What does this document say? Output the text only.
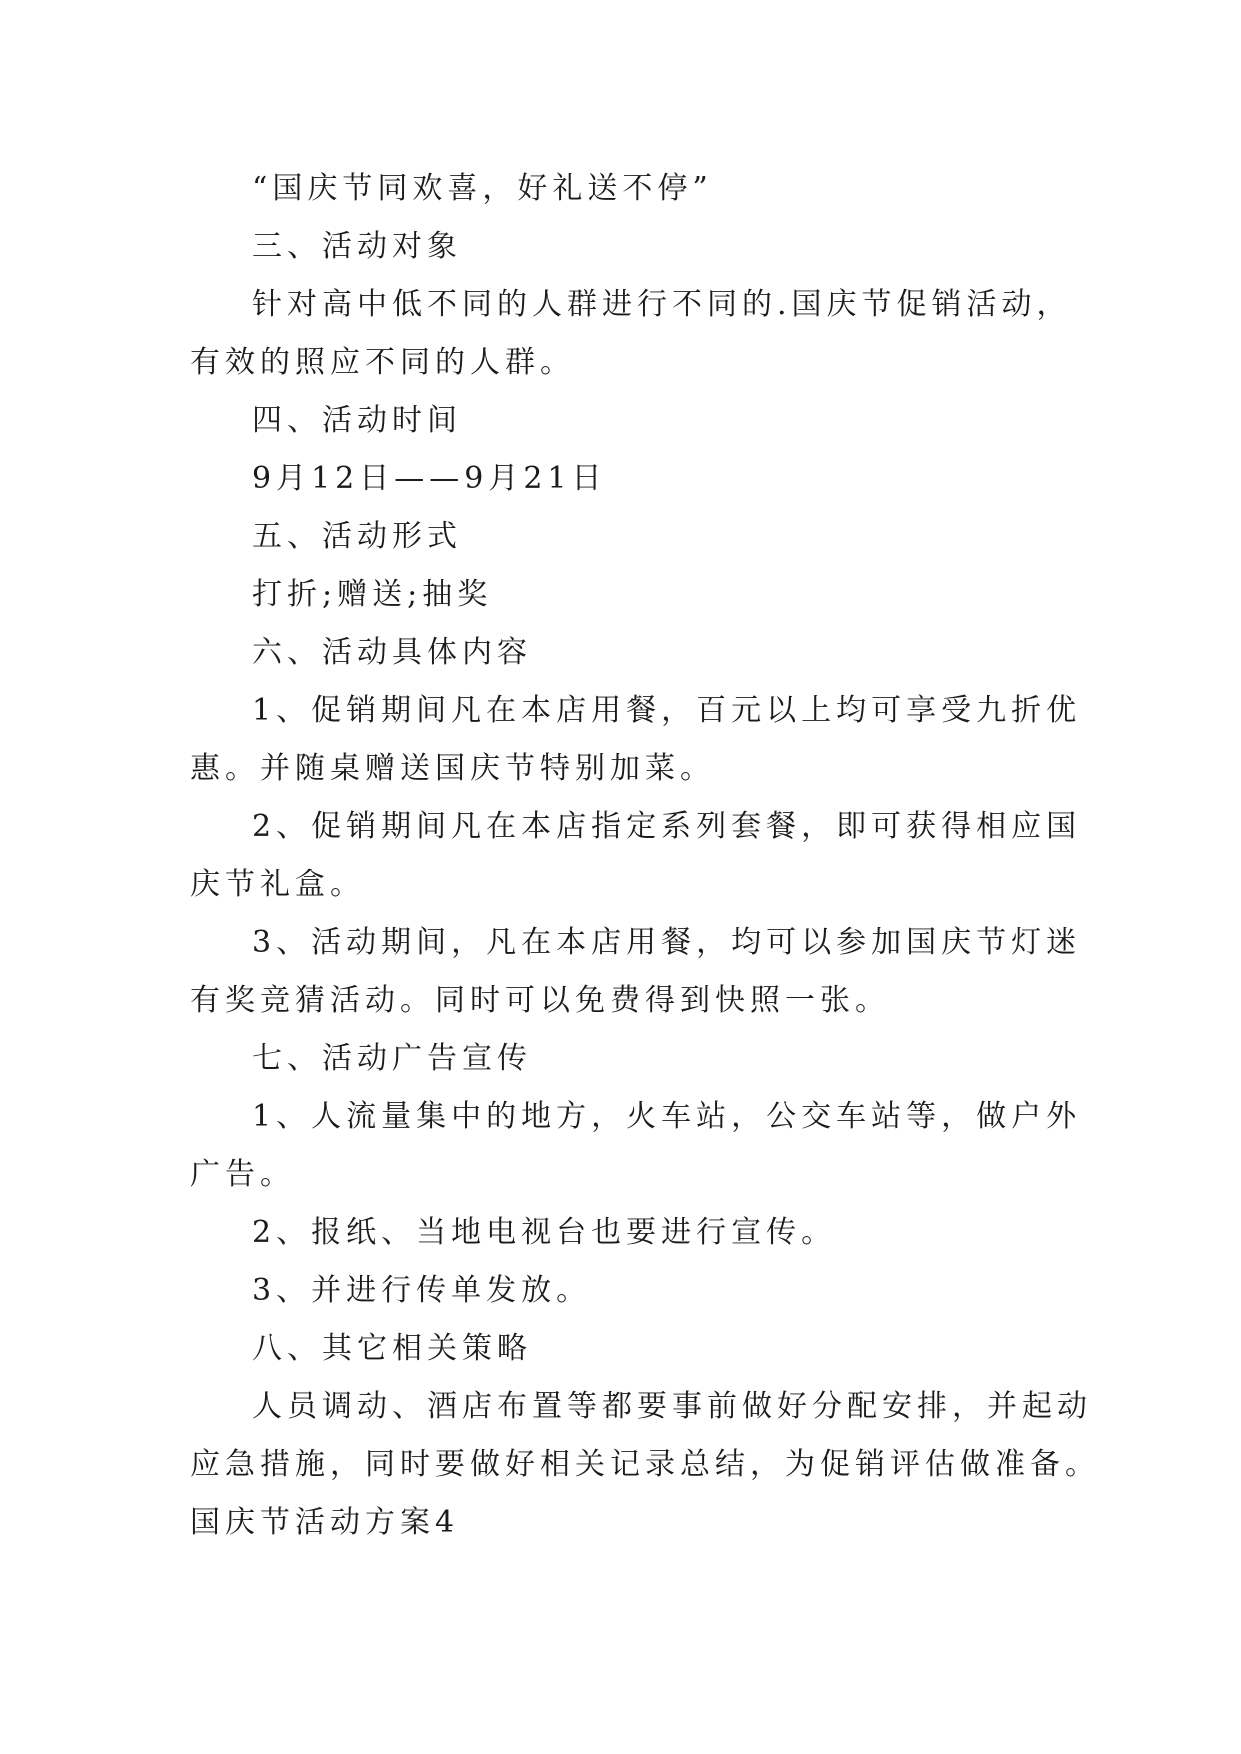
“国庆节同欢喜，好礼送不停”
三、活动对象
针对高中低不同的人群进行不同的.国庆节促销活动，
有效的照应不同的人群。
四、活动时间
9月12日——9月21日
五、活动形式
打折;赠送;抽奖
六、活动具体内容
1、促销期间凡在本店用餐，百元以上均可享受九折优
惠。并随桌赠送国庆节特别加菜。
2、促销期间凡在本店指定系列套餐，即可获得相应国
庆节礼盒。
3、活动期间，凡在本店用餐，均可以参加国庆节灯迷
有奖竞猜活动。同时可以免费得到快照一张。
七、活动广告宣传
1、人流量集中的地方，火车站，公交车站等，做户外
广告。
2、报纸、当地电视台也要进行宣传。
3、并进行传单发放。
八、其它相关策略
人员调动、酒店布置等都要事前做好分配安排，并起动
应急措施，同时要做好相关记录总结，为促销评估做准备。
国庆节活动方案4
